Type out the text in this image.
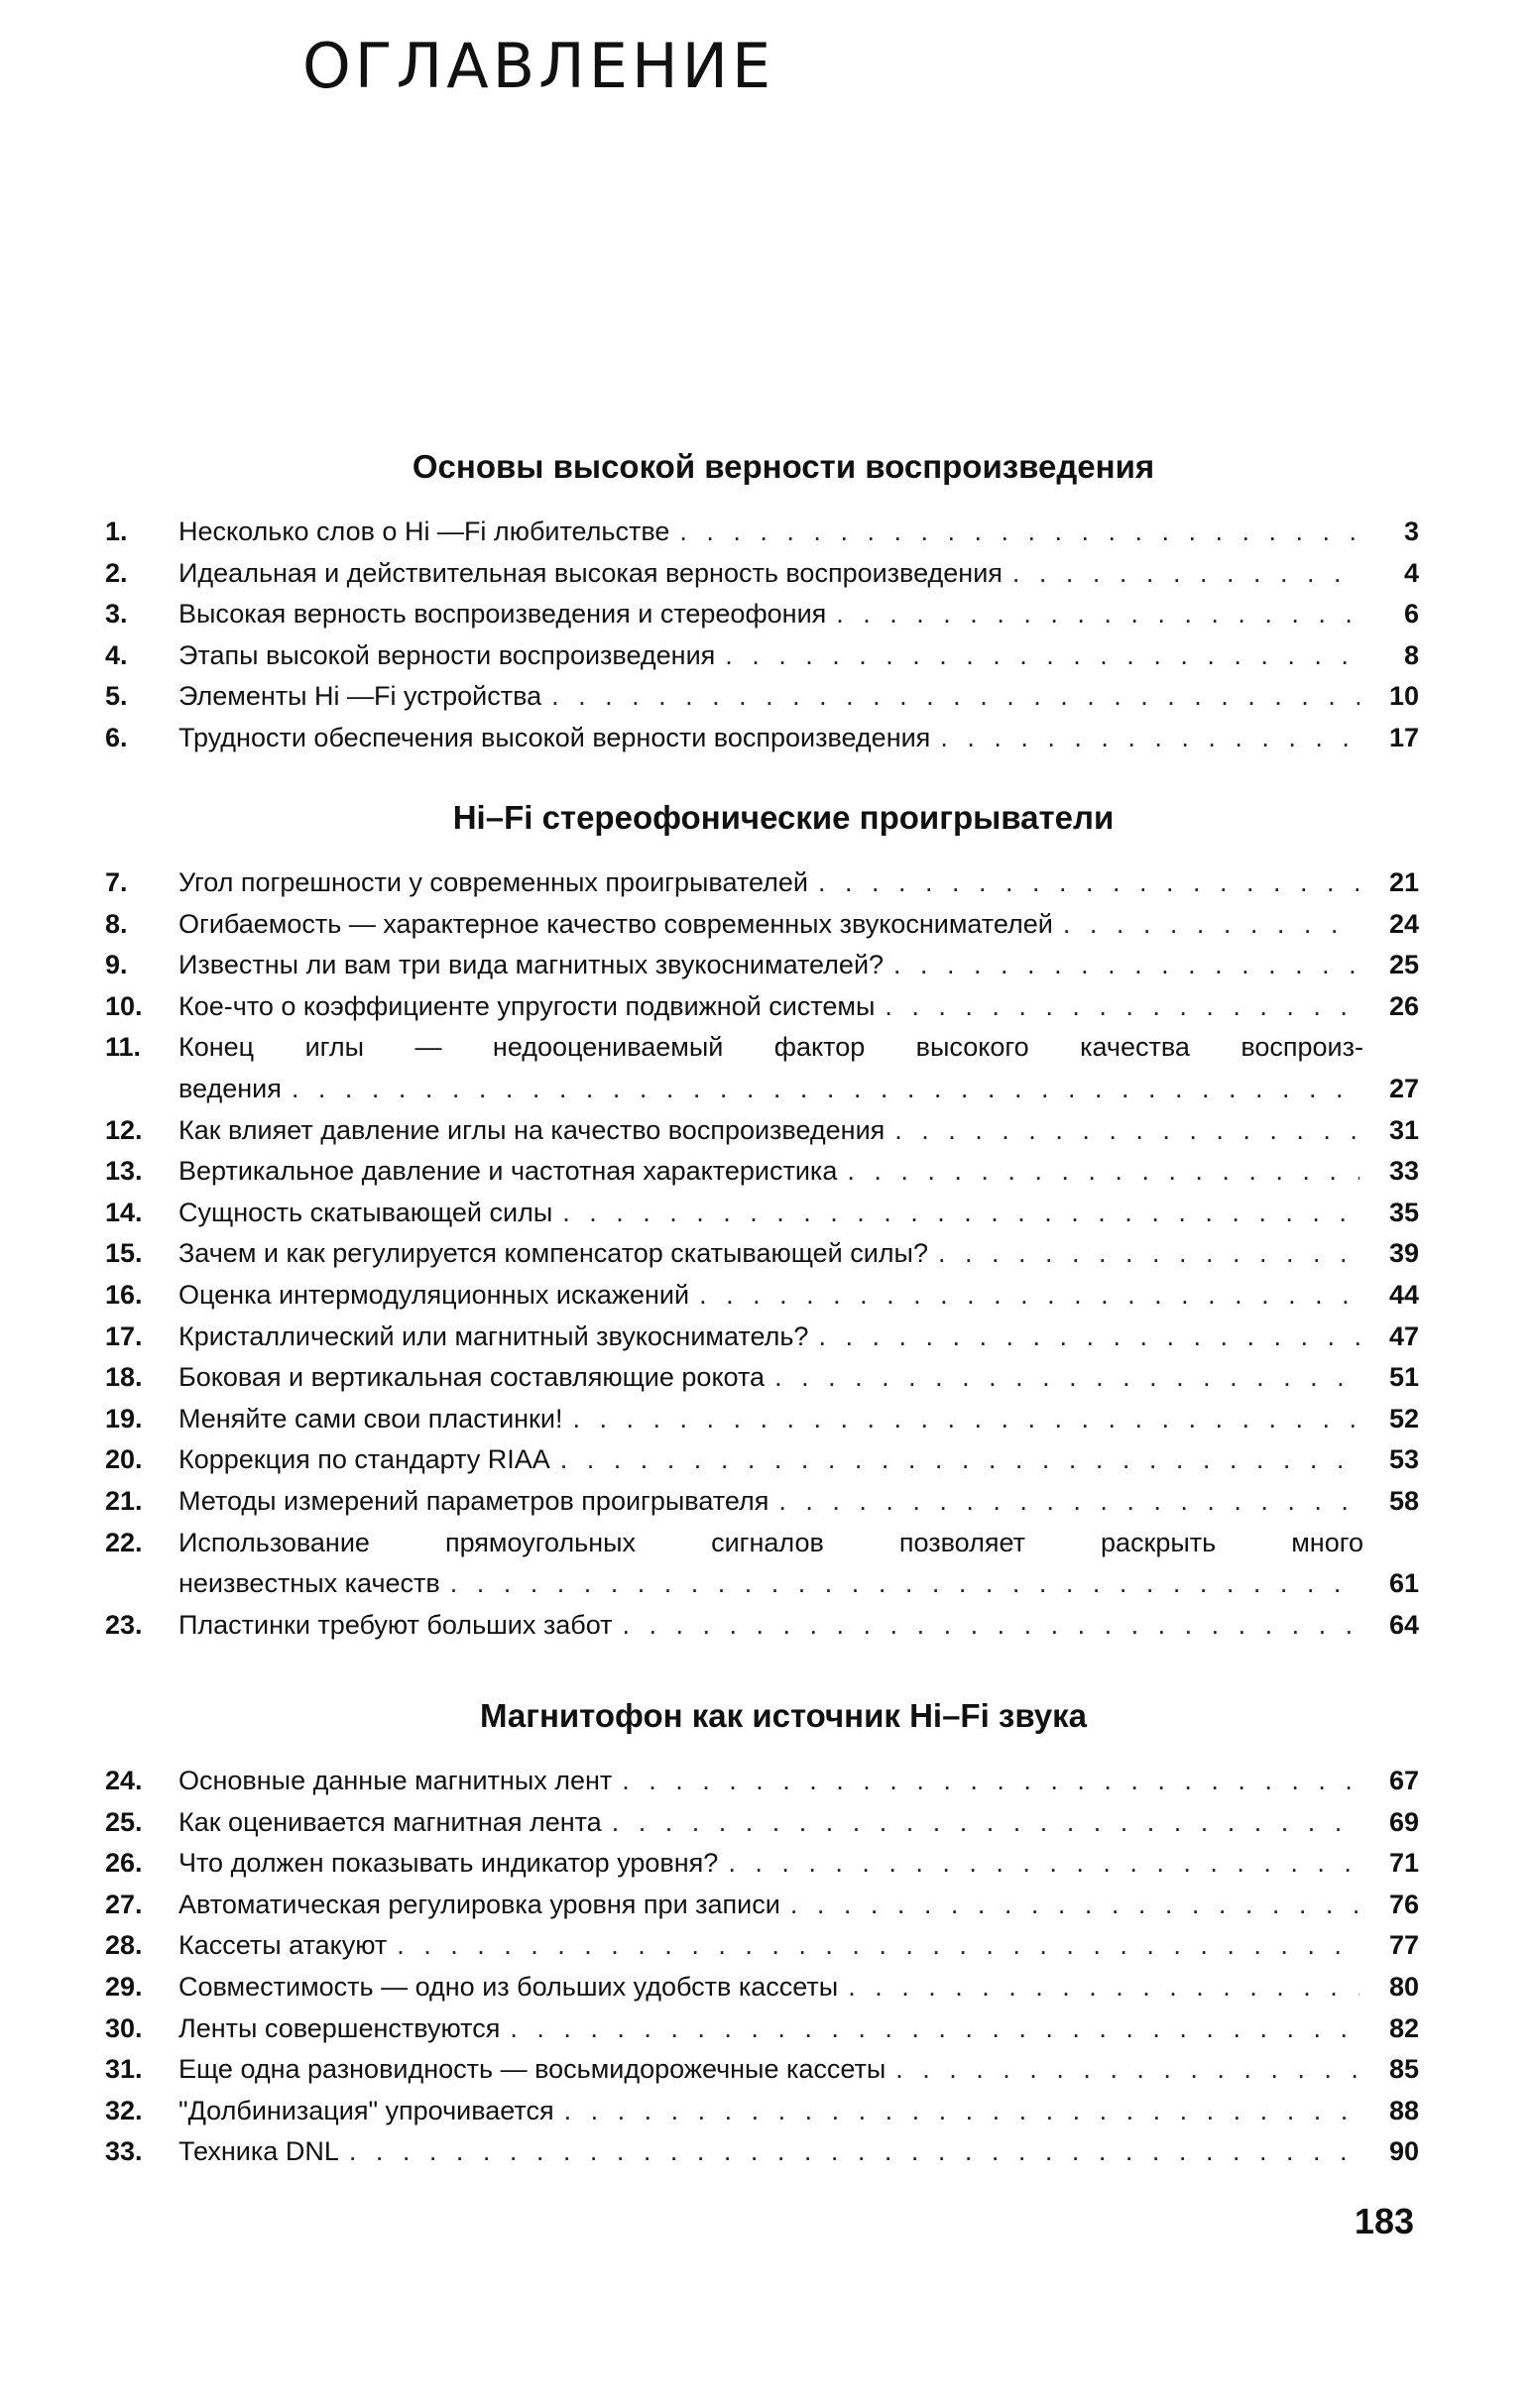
ОГЛАВЛЕНИЕ
Основы высокой верности воспроизведения
1.	Несколько слов о Hi —Fi любительстве . . .	3
2.	Идеальная и действительная высокая верность воспроизведения . . .	4
3.	Высокая верность воспроизведения и стереофония . . .	6
4.	Этапы высокой верности воспроизведения . . .	8
5.	Элементы Hi —Fi устройства . . .	10
6.	Трудности обеспечения высокой верности воспроизведения . . .	17
Hi–Fi стереофонические проигрыватели
7.	Угол погрешности у современных проигрывателей . . .	21
8.	Огибаемость — характерное качество современных звукоснимателей . . .	24
9.	Известны ли вам три вида магнитных звукоснимателей? . . .	25
10.	Кое-что о коэффициенте упругости подвижной системы . . .	26
11.	Конец иглы — недооцениваемый фактор высокого качества воспроиз-
ведения . . .	27
12.	Как влияет давление иглы на качество воспроизведения . . .	31
13.	Вертикальное давление и частотная характеристика . . .	33
14.	Сущность скатывающей силы . . .	35
15.	Зачем и как регулируется компенсатор скатывающей силы? . . .	39
16.	Оценка интермодуляционных искажений . . .	44
17.	Кристаллический или магнитный звукосниматель? . . .	47
18.	Боковая и вертикальная составляющие рокота . . .	51
19.	Меняйте сами свои пластинки! . . .	52
20.	Коррекция по стандарту RIAA . . .	53
21.	Методы измерений параметров проигрывателя . . .	58
22.	Использование прямоугольных сигналов позволяет раскрыть много
неизвестных качеств . . .	61
23.	Пластинки требуют больших забот . . .	64
Магнитофон как источник Hi–Fi звука
24.	Основные данные магнитных лент . . .	67
25.	Как оценивается магнитная лента . . .	69
26.	Что должен показывать индикатор уровня? . . .	71
27.	Автоматическая регулировка уровня при записи . . .	76
28.	Кассеты атакуют . . .	77
29.	Совместимость — одно из больших удобств кассеты . . .	80
30.	Ленты совершенствуются . . .	82
31.	Еще одна разновидность — восьмидорожечные кассеты . . .	85
32.	"Долбинизация" упрочивается . . .	88
33.	Техника DNL . . .	90
183
